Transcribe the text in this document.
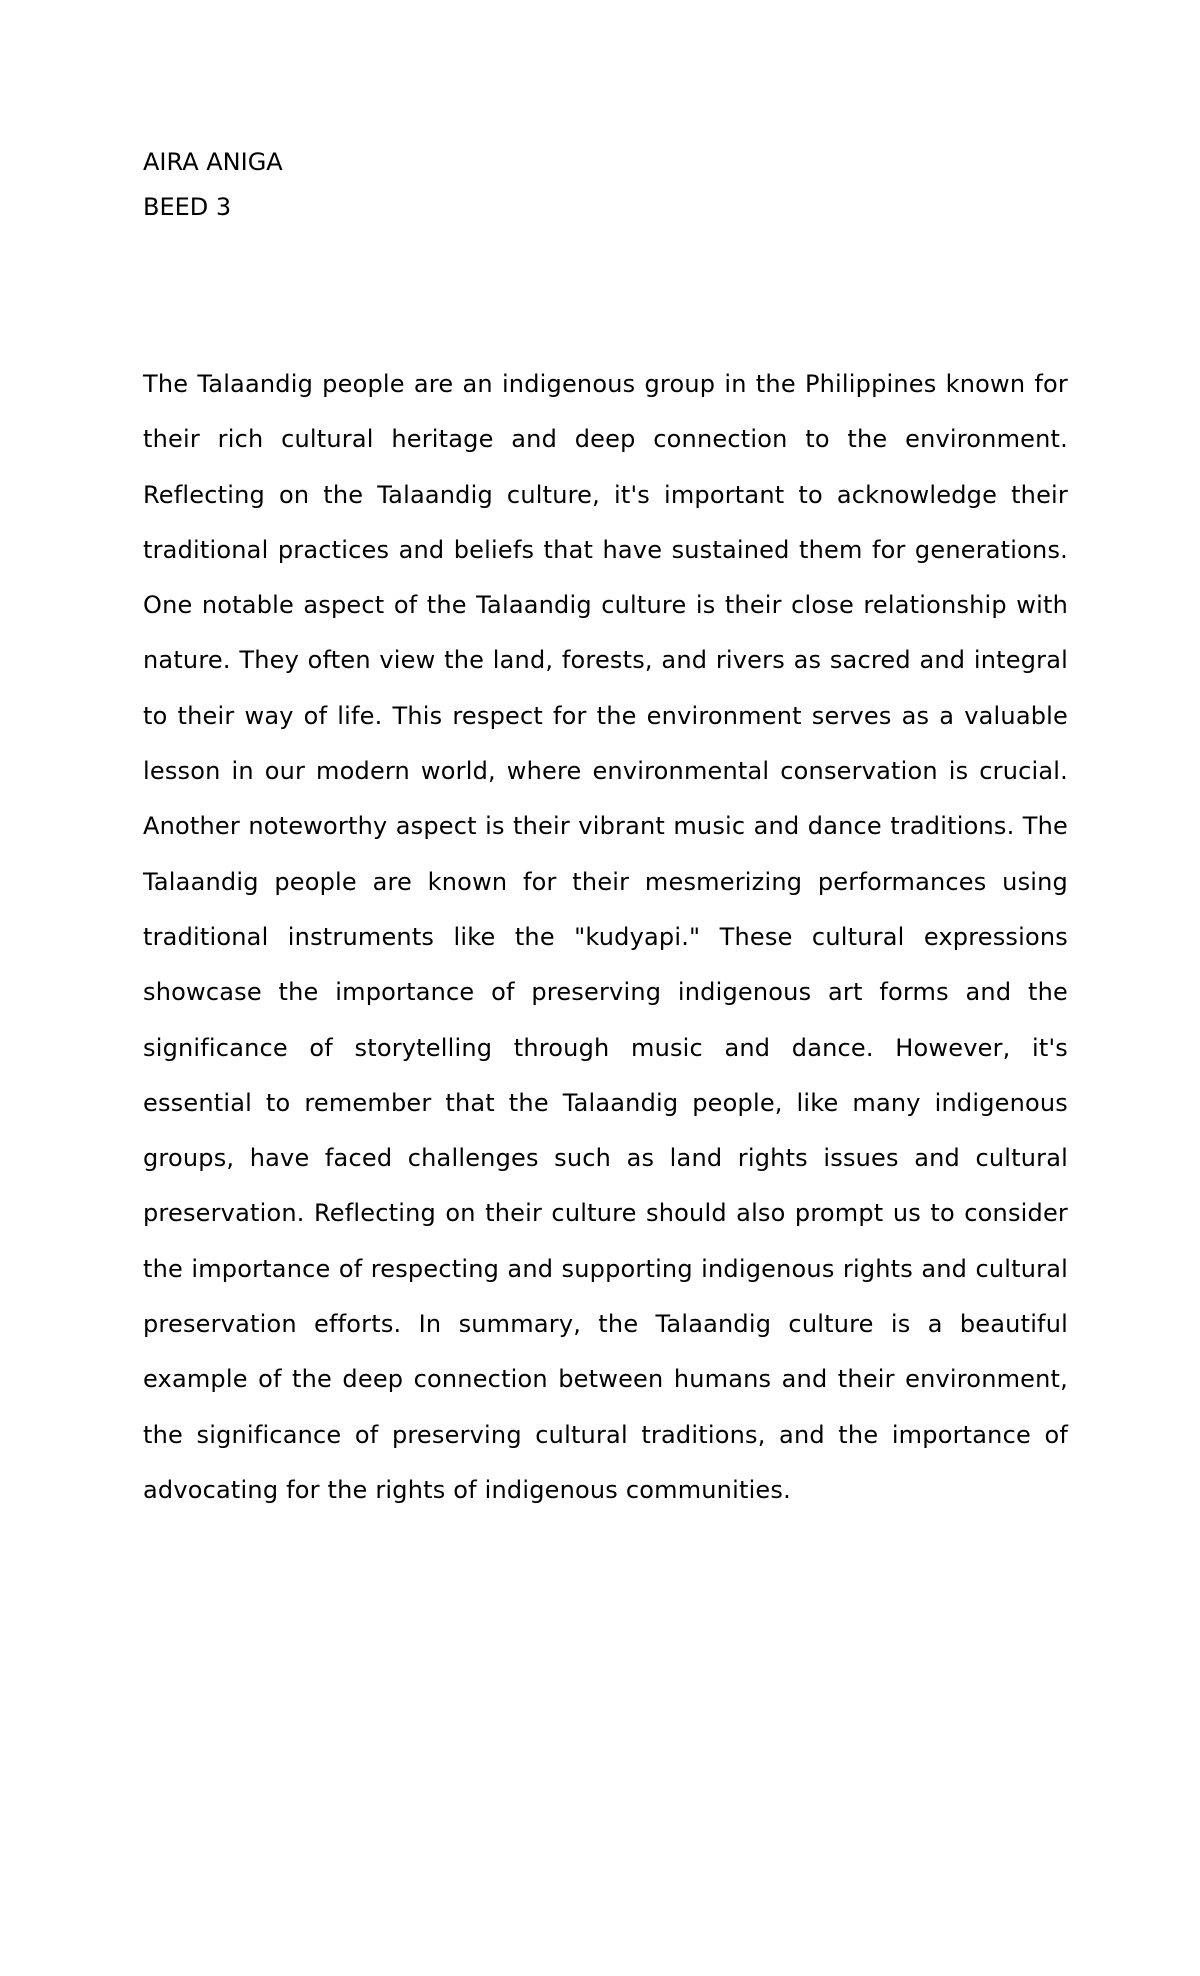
AIRA ANIGA
BEED 3

The Talaandig people are an indigenous group in the Philippines known for their rich cultural heritage and deep connection to the environment. Reflecting on the Talaandig culture, it's important to acknowledge their traditional practices and beliefs that have sustained them for generations. One notable aspect of the Talaandig culture is their close relationship with nature. They often view the land, forests, and rivers as sacred and integral to their way of life. This respect for the environment serves as a valuable lesson in our modern world, where environmental conservation is crucial. Another noteworthy aspect is their vibrant music and dance traditions. The Talaandig people are known for their mesmerizing performances using traditional instruments like the "kudyapi." These cultural expressions showcase the importance of preserving indigenous art forms and the significance of storytelling through music and dance. However, it's essential to remember that the Talaandig people, like many indigenous groups, have faced challenges such as land rights issues and cultural preservation. Reflecting on their culture should also prompt us to consider the importance of respecting and supporting indigenous rights and cultural preservation efforts. In summary, the Talaandig culture is a beautiful example of the deep connection between humans and their environment, the significance of preserving cultural traditions, and the importance of advocating for the rights of indigenous communities.
